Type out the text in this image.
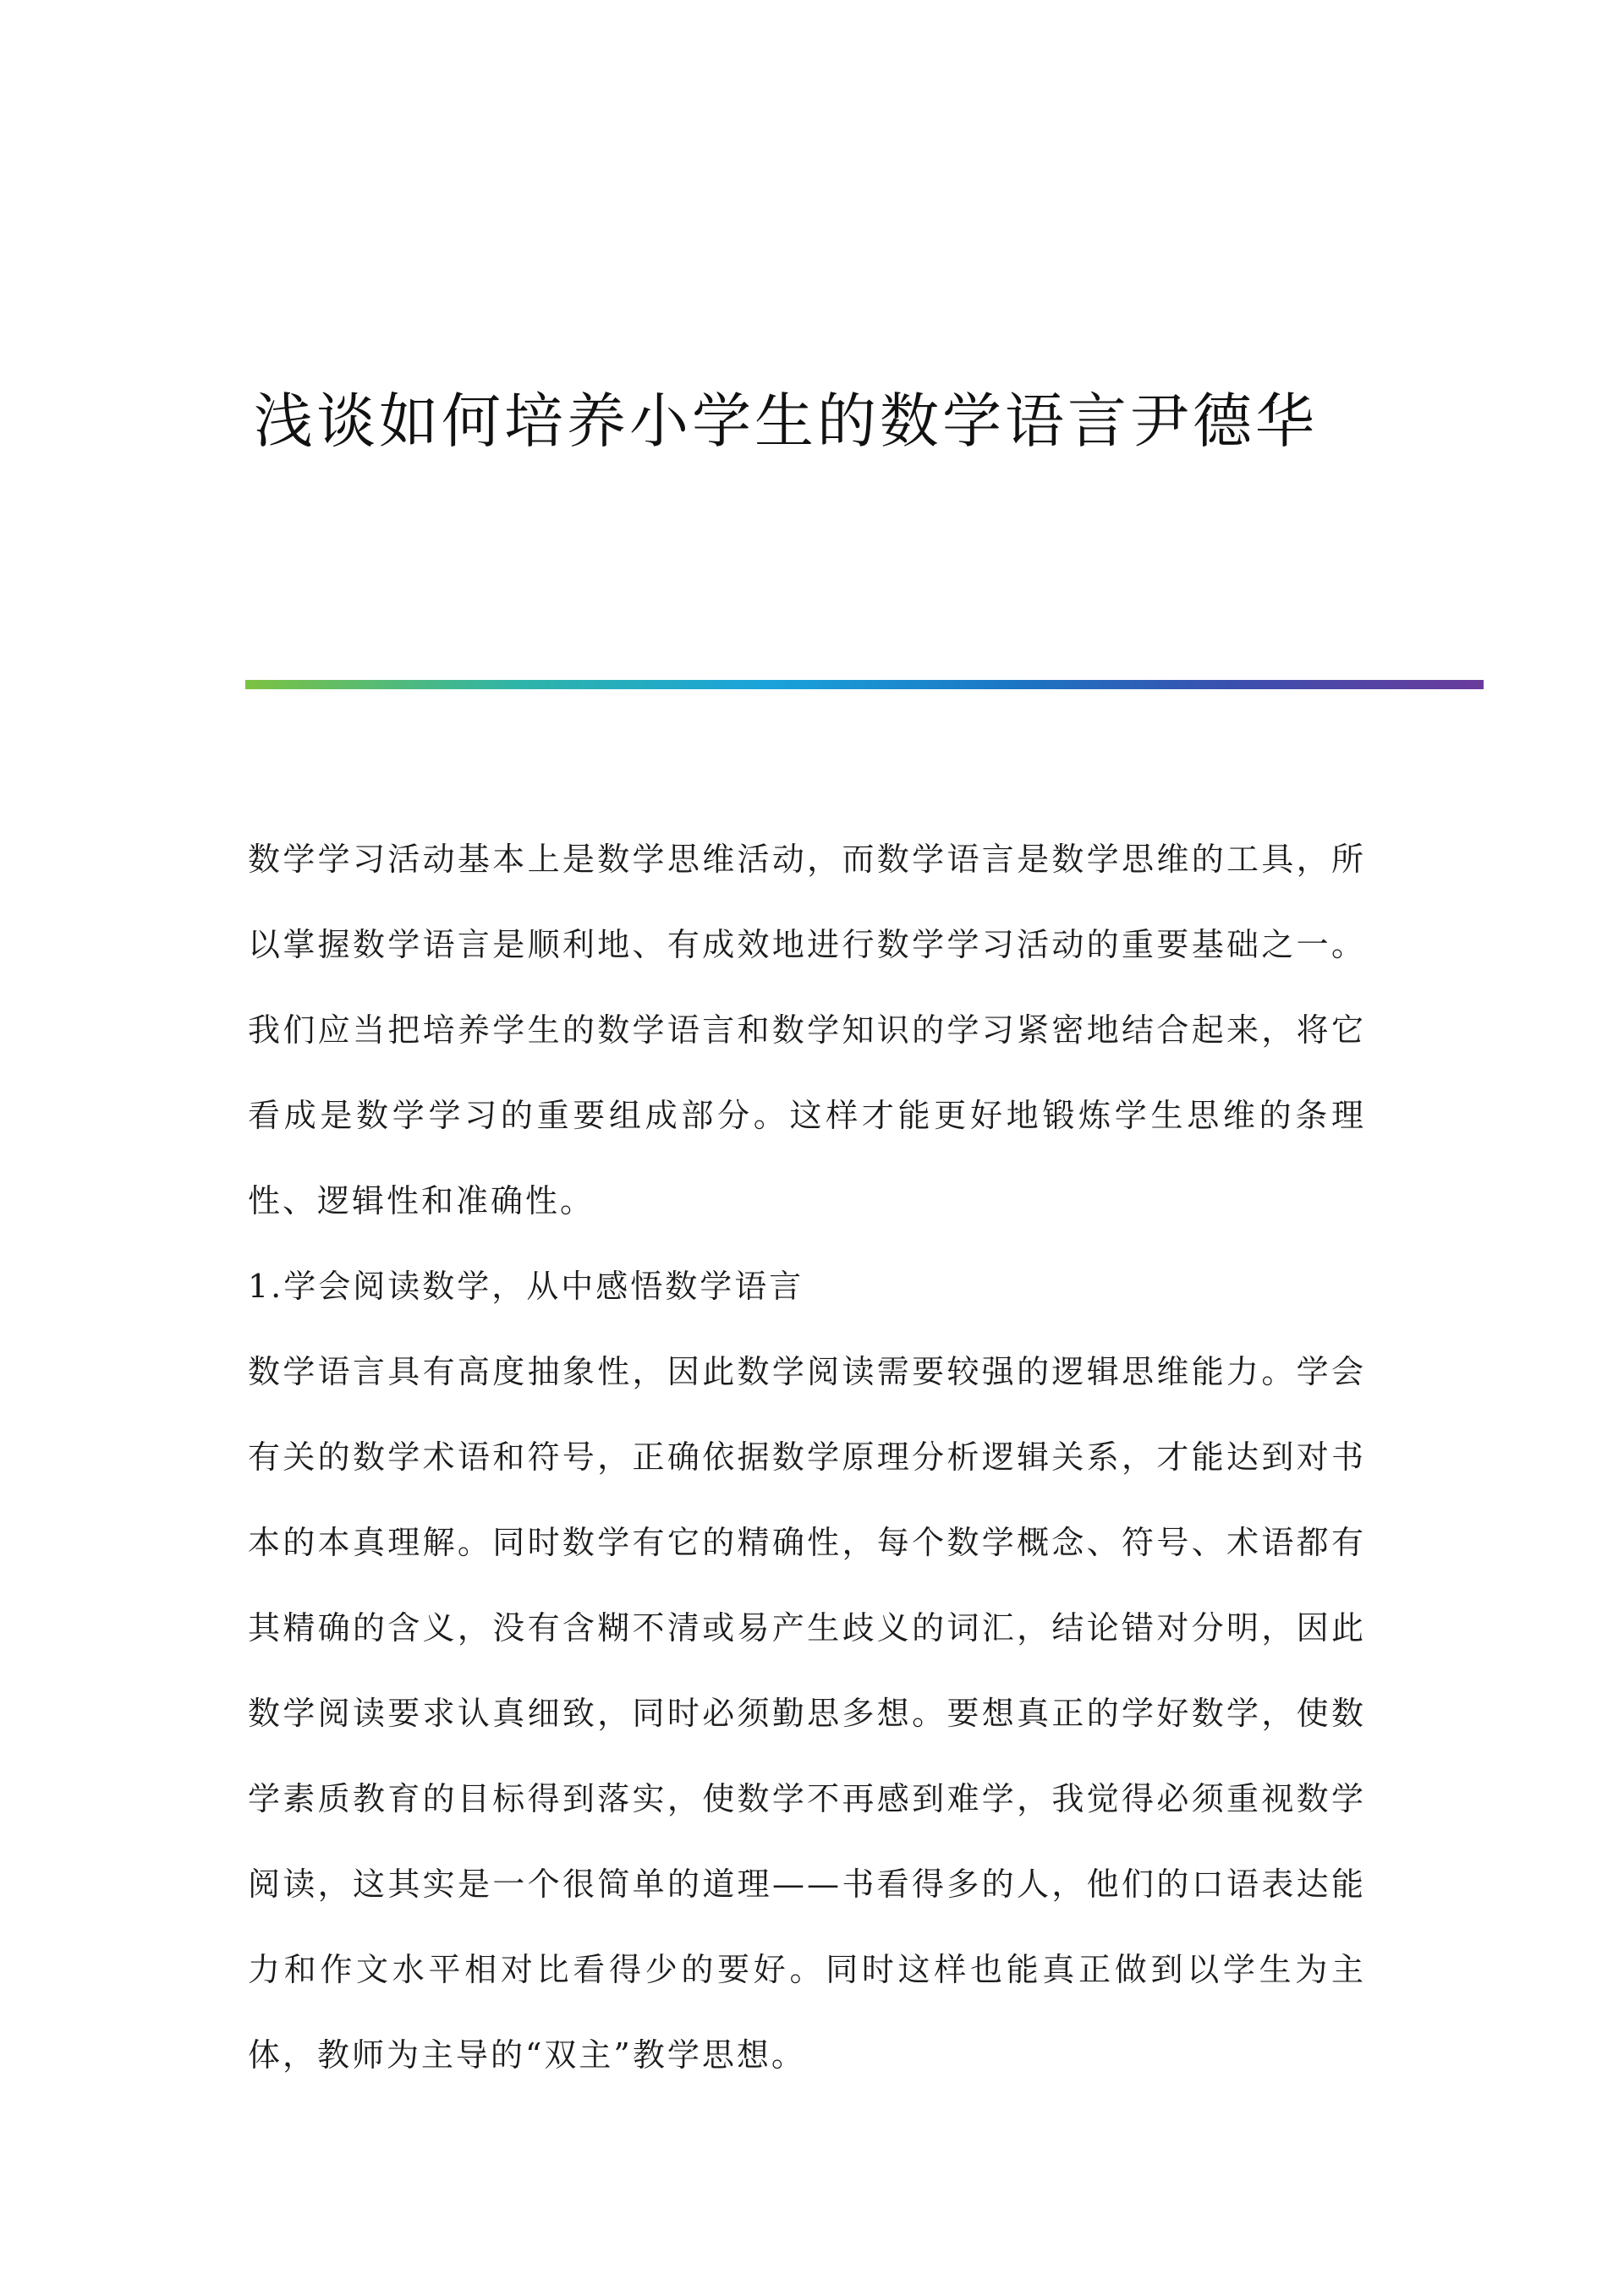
浅谈如何培养小学生的数学语言尹德华

数学学习活动基本上是数学思维活动，而数学语言是数学思维的工具，所以掌握数学语言是顺利地、有成效地进行数学学习活动的重要基础之一。我们应当把培养学生的数学语言和数学知识的学习紧密地结合起来，将它看成是数学学习的重要组成部分。这样才能更好地锻炼学生思维的条理性、逻辑性和准确性。

1.学会阅读数学，从中感悟数学语言

数学语言具有高度抽象性，因此数学阅读需要较强的逻辑思维能力。学会有关的数学术语和符号，正确依据数学原理分析逻辑关系，才能达到对书本的本真理解。同时数学有它的精确性，每个数学概念、符号、术语都有其精确的含义，没有含糊不清或易产生歧义的词汇，结论错对分明，因此数学阅读要求认真细致，同时必须勤思多想。要想真正的学好数学，使数学素质教育的目标得到落实，使数学不再感到难学，我觉得必须重视数学阅读，这其实是一个很简单的道理——书看得多的人，他们的口语表达能力和作文水平相对比看得少的要好。同时这样也能真正做到以学生为主体，教师为主导的“双主”教学思想。
